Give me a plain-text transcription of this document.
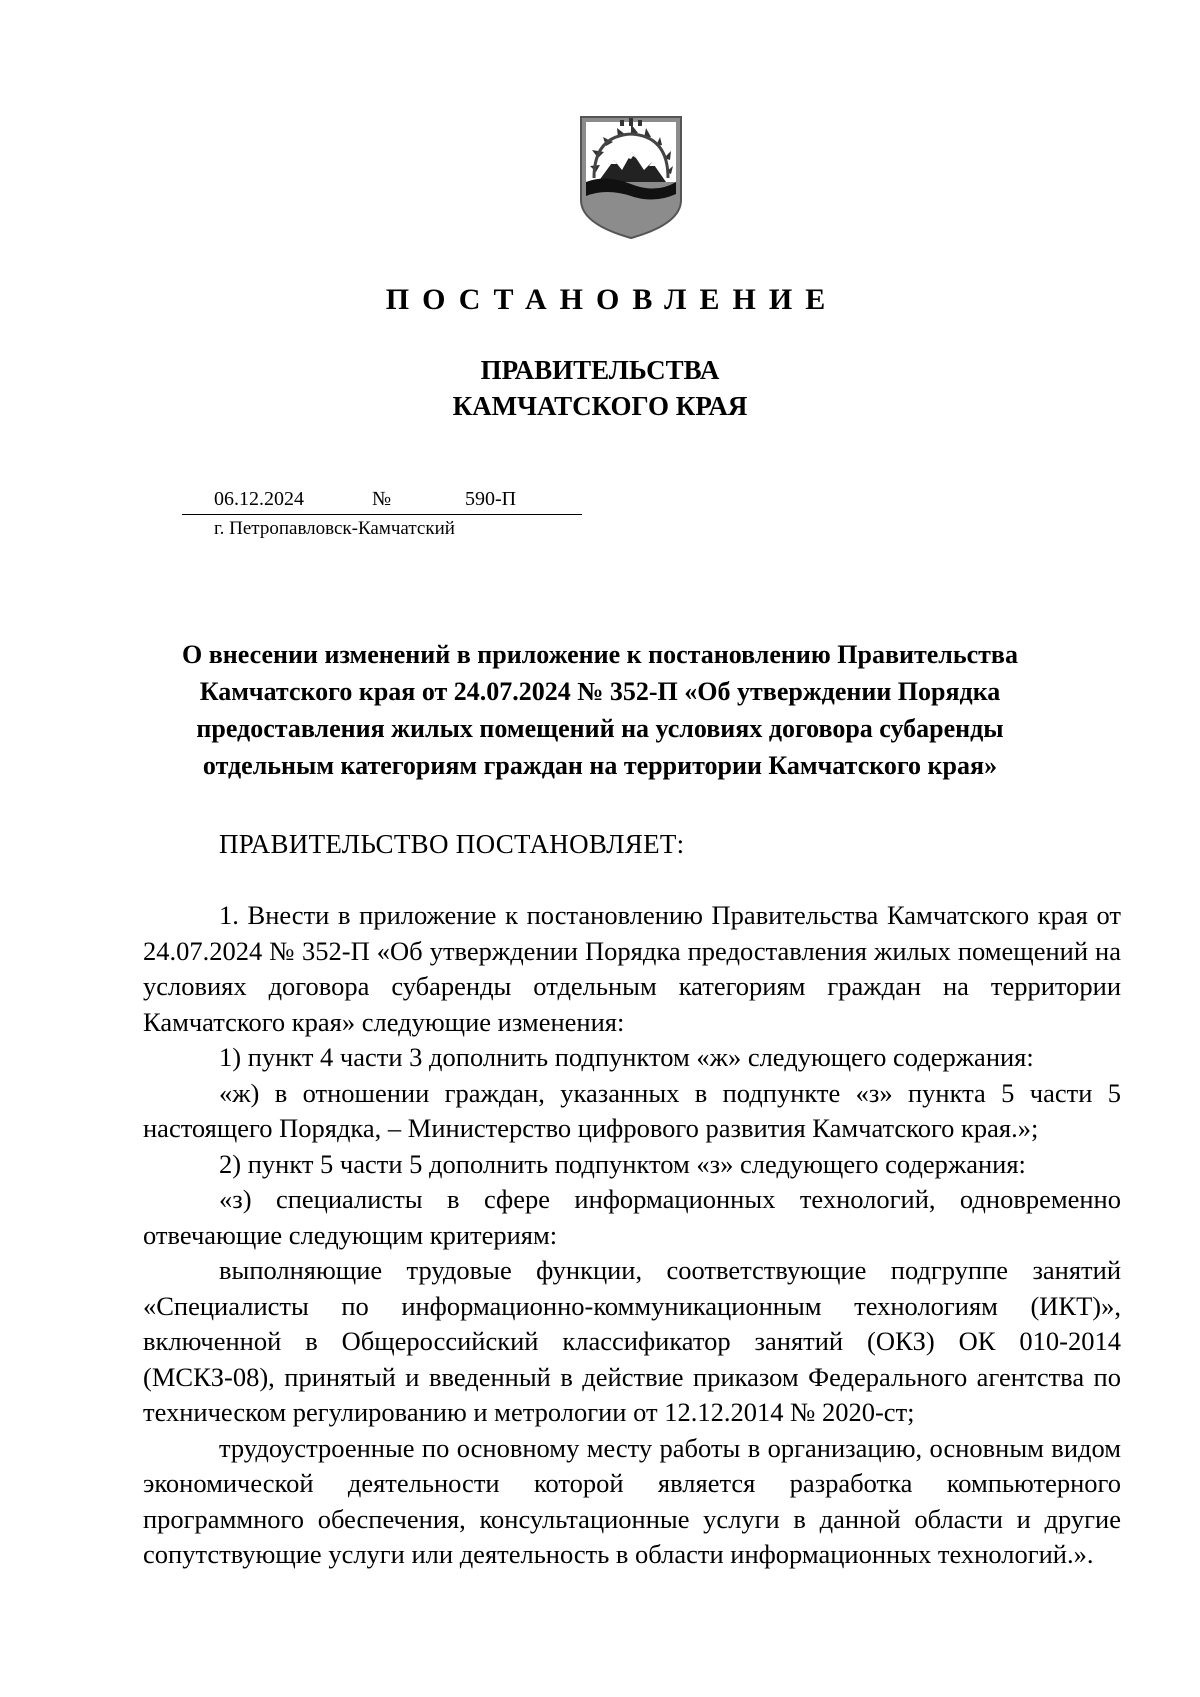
ПОСТАНОВЛЕНИЕ
ПРАВИТЕЛЬСТВА
КАМЧАТСКОГО КРАЯ
06.12.2024	№	590-П
г. Петропавловск-Камчатский
О внесении изменений в приложение к постановлению Правительства Камчатского края от 24.07.2024 № 352-П «Об утверждении Порядка предоставления жилых помещений на условиях договора субаренды отдельным категориям граждан на территории Камчатского края»
ПРАВИТЕЛЬСТВО ПОСТАНОВЛЯЕТ:

1. Внести в приложение к постановлению Правительства Камчатского края от 24.07.2024 № 352-П «Об утверждении Порядка предоставления жилых помещений на условиях договора субаренды отдельным категориям граждан на территории Камчатского края» следующие изменения:

1) пункт 4 части 3 дополнить подпунктом «ж» следующего содержания:

«ж) в отношении граждан, указанных в подпункте «з» пункта 5 части 5 настоящего Порядка, – Министерство цифрового развития Камчатского края.»;

2) пункт 5 части 5 дополнить подпунктом «з» следующего содержания:

«з) специалисты в сфере информационных технологий, одновременно отвечающие следующим критериям:

выполняющие трудовые функции, соответствующие подгруппе занятий «Специалисты по информационно-коммуникационным технологиям (ИКТ)», включенной в Общероссийский классификатор занятий (ОКЗ) ОК 010-2014 (МСКЗ-08), принятый и введенный в действие приказом Федерального агентства по техническом регулированию и метрологии от 12.12.2014 № 2020-ст;

трудоустроенные по основному месту работы в организацию, основным видом экономической деятельности которой является разработка компьютерного программного обеспечения, консультационные услуги в данной области и другие сопутствующие услуги или деятельность в области информационных технологий.».
